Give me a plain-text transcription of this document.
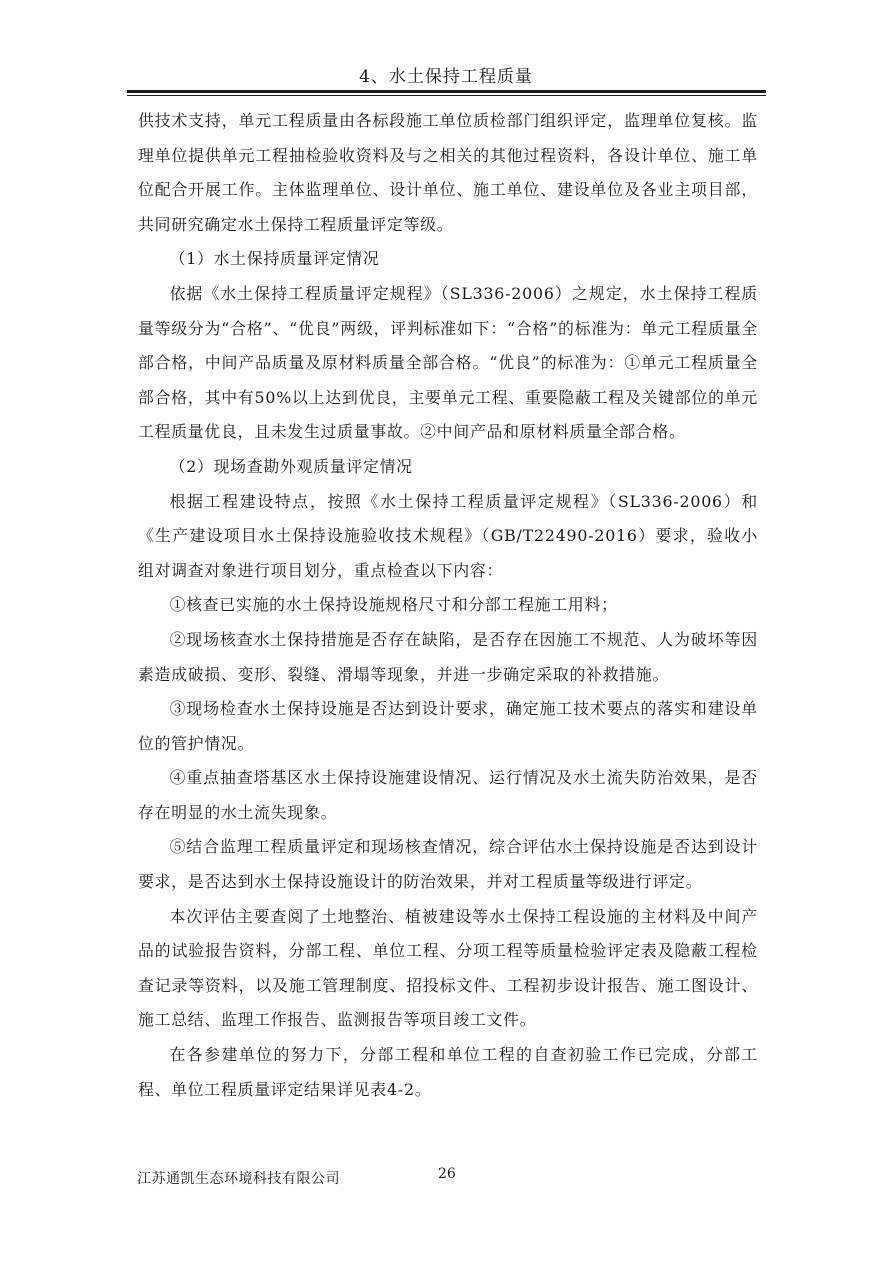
4、水土保持工程质量

供技术支持，单元工程质量由各标段施工单位质检部门组织评定，监理单位复核。监理单位提供单元工程抽检验收资料及与之相关的其他过程资料，各设计单位、施工单位配合开展工作。主体监理单位、设计单位、施工单位、建设单位及各业主项目部，共同研究确定水土保持工程质量评定等级。

（1）水土保持质量评定情况

依据《水土保持工程质量评定规程》（SL336-2006）之规定，水土保持工程质量等级分为“合格”、“优良”两级，评判标准如下：“合格”的标准为：单元工程质量全部合格，中间产品质量及原材料质量全部合格。“优良”的标准为：①单元工程质量全部合格，其中有50%以上达到优良，主要单元工程、重要隐蔽工程及关键部位的单元工程质量优良，且未发生过质量事故。②中间产品和原材料质量全部合格。

（2）现场查勘外观质量评定情况

根据工程建设特点，按照《水土保持工程质量评定规程》（SL336-2006）和《生产建设项目水土保持设施验收技术规程》（GB/T22490-2016）要求，验收小组对调查对象进行项目划分，重点检查以下内容：

①核查已实施的水土保持设施规格尺寸和分部工程施工用料；

②现场核查水土保持措施是否存在缺陷，是否存在因施工不规范、人为破坏等因素造成破损、变形、裂缝、滑塌等现象，并进一步确定采取的补救措施。

③现场检查水土保持设施是否达到设计要求，确定施工技术要点的落实和建设单位的管护情况。

④重点抽查塔基区水土保持设施建设情况、运行情况及水土流失防治效果，是否存在明显的水土流失现象。

⑤结合监理工程质量评定和现场核查情况，综合评估水土保持设施是否达到设计要求，是否达到水土保持设施设计的防治效果，并对工程质量等级进行评定。

本次评估主要查阅了土地整治、植被建设等水土保持工程设施的主材料及中间产品的试验报告资料，分部工程、单位工程、分项工程等质量检验评定表及隐蔽工程检查记录等资料，以及施工管理制度、招投标文件、工程初步设计报告、施工图设计、施工总结、监理工作报告、监测报告等项目竣工文件。

在各参建单位的努力下，分部工程和单位工程的自查初验工作已完成，分部工程、单位工程质量评定结果详见表4-2。

江苏通凯生态环境科技有限公司	26
